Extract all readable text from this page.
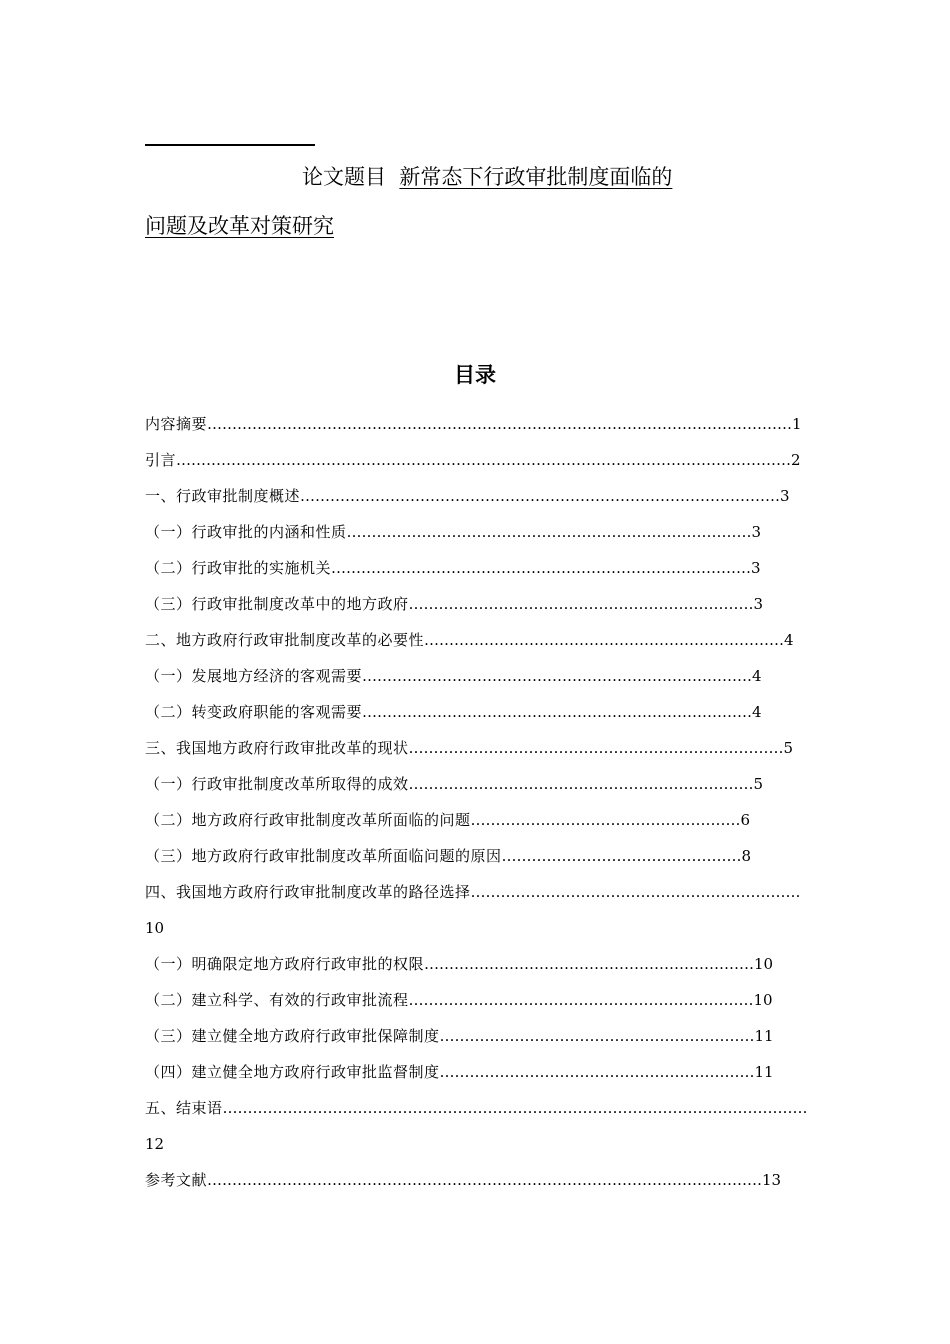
论文题目 新常态下行政审批制度面临的
问题及改革对策研究
目录
内容摘要………………………………………………………………………………………………………1
引言……………………………………………………………………………………………………………2
一、行政审批制度概述……………………………………………………………………………………3
（一）行政审批的内涵和性质………………………………………………………………………3
（二）行政审批的实施机关…………………………………………………………………………3
（三）行政审批制度改革中的地方政府……………………………………………………………3
二、地方政府行政审批制度改革的必要性………………………………………………………………4
（一）发展地方经济的客观需要……………………………………………………………………4
（二）转变政府职能的客观需要……………………………………………………………………4
三、我国地方政府行政审批改革的现状…………………………………………………………………5
（一）行政审批制度改革所取得的成效……………………………………………………………5
（二）地方政府行政审批制度改革所面临的问题………………………………………………6
（三）地方政府行政审批制度改革所面临问题的原因…………………………………………8
四、我国地方政府行政审批制度改革的路径选择…………………………………………………………
10
（一）明确限定地方政府行政审批的权限…………………………………………………………10
（二）建立科学、有效的行政审批流程……………………………………………………………10
（三）建立健全地方政府行政审批保障制度………………………………………………………11
（四）建立健全地方政府行政审批监督制度………………………………………………………11
五、结束语………………………………………………………………………………………………………
12
参考文献…………………………………………………………………………………………………13
